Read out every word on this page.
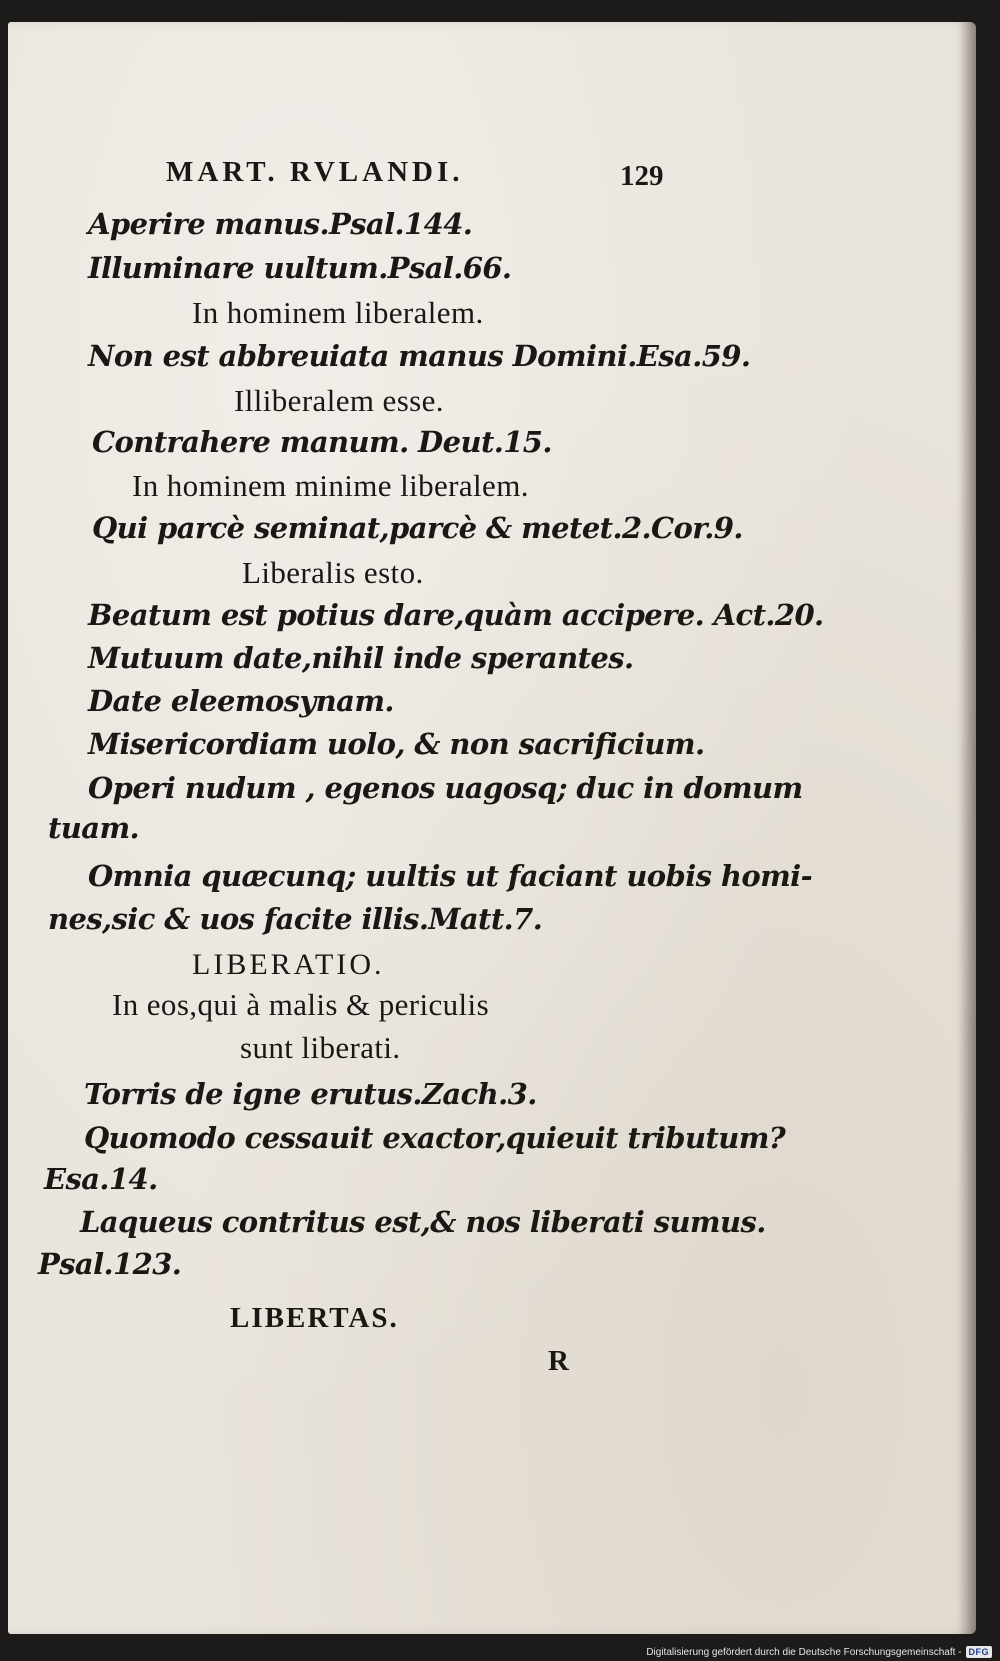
MART. RVLANDI.	129
Aperire manus.Psal.144.
Illuminare uultum.Psal.66.
In hominem liberalem.
Non est abbreuiata manus Domini.Esa.59.
Illiberalem esse.
Contrahere manum. Deut.15.
In hominem minime liberalem.
Qui parcè seminat,parcè & metet.2.Cor.9.
Liberalis esto.
Beatum est potius dare,quàm accipere. Act.20.
Mutuum date,nihil inde sperantes.
Date eleemosynam.
Misericordiam uolo, & non sacrificium.
Operi nudum , egenos uagosq; duc in domum
tuam.
Omnia quæcunq; uultis ut faciant uobis homi-
nes,sic & uos facite illis.Matt.7.
LIBERATIO.
In eos,qui à malis & periculis
sunt liberati.
Torris de igne erutus.Zach.3.
Quomodo cessauit exactor,quieuit tributum?
Esa.14.
Laqueus contritus est,& nos liberati sumus.
Psal.123.
LIBERTAS.
R
Digitalisierung gefördert durch die Deutsche Forschungsgemeinschaft - DFG
